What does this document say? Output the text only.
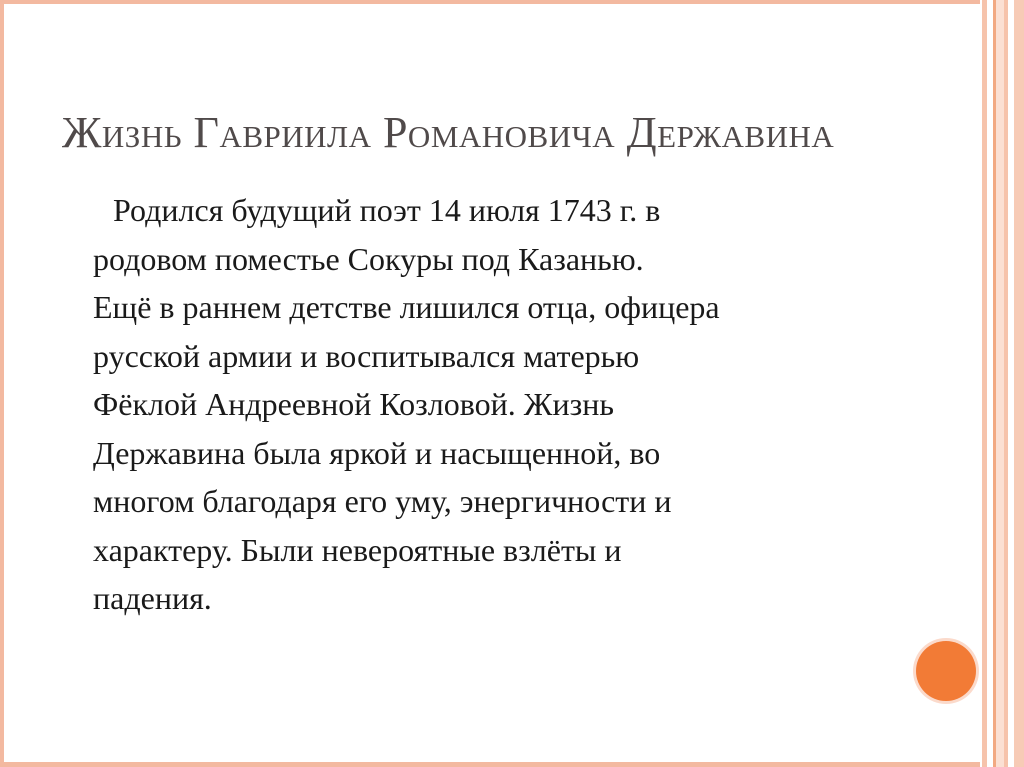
Жизнь Гавриила Романовича Державина
Родился будущий поэт 14 июля 1743 г. в
родовом поместье Сокуры под Казанью.
Ещё в раннем детстве лишился отца, офицера
русской армии и воспитывался матерью
Фёклой Андреевной Козловой. Жизнь
Державина была яркой и насыщенной, во
многом благодаря его уму, энергичности и
характеру. Были невероятные взлёты и
падения.
